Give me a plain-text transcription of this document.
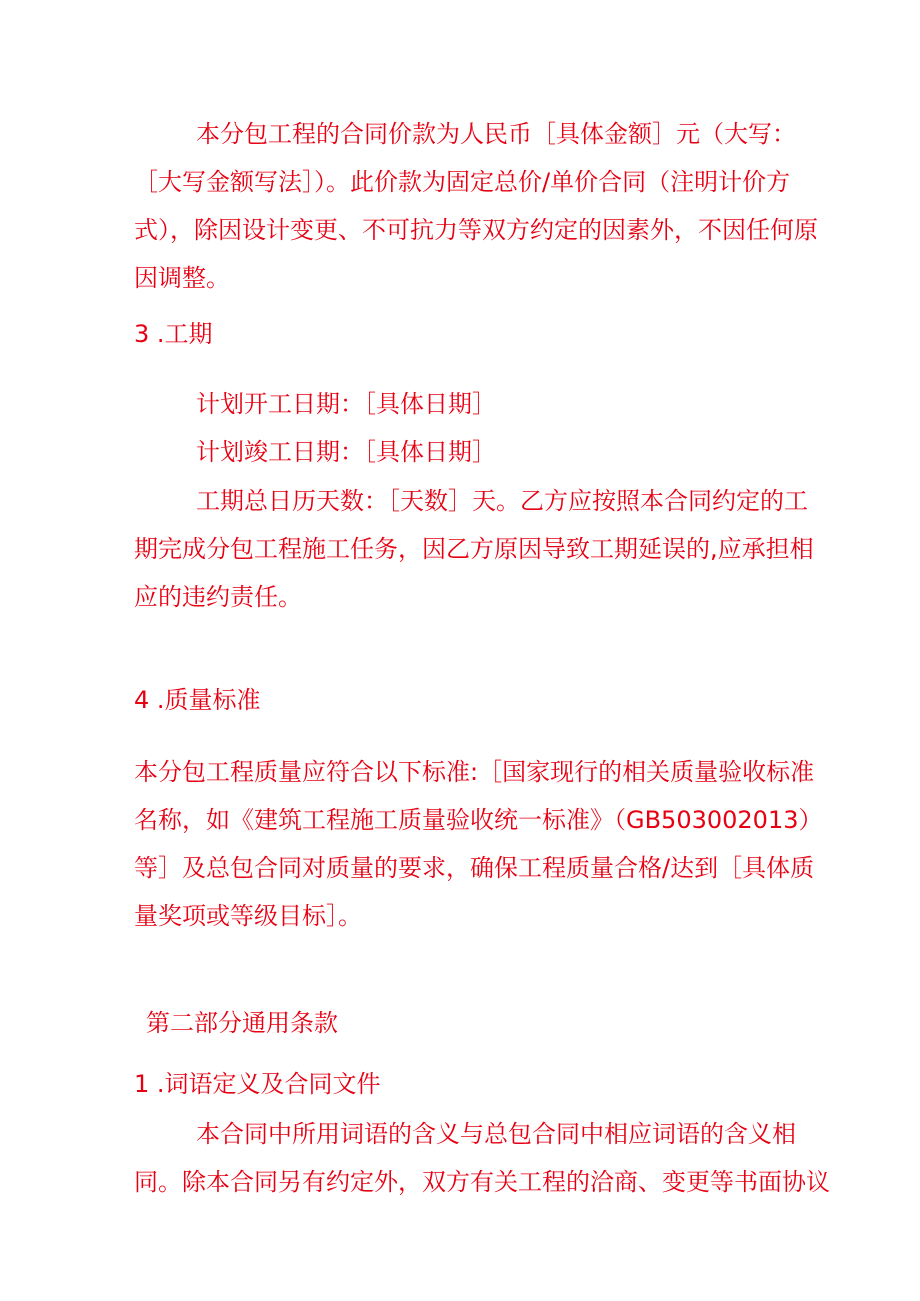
本分包工程的合同价款为人民币［具体金额］元（大写：
［大写金额写法］）。此价款为固定总价/单价合同（注明计价方
式），除因设计变更、不可抗力等双方约定的因素外，不因任何原
因调整。
3 .工期
计划开工日期：［具体日期］
计划竣工日期：［具体日期］
工期总日历天数：［天数］天。乙方应按照本合同约定的工
期完成分包工程施工任务，因乙方原因导致工期延误的,应承担相
应的违约责任。
4 .质量标准
本分包工程质量应符合以下标准:［国家现行的相关质量验收标准
名称，如《建筑工程施工质量验收统一标准》（GB503002013）
等］及总包合同对质量的要求，确保工程质量合格/达到［具体质
量奖项或等级目标］。
第二部分通用条款
1 .词语定义及合同文件
本合同中所用词语的含义与总包合同中相应词语的含义相
同。除本合同另有约定外，双方有关工程的洽商、变更等书面协议
